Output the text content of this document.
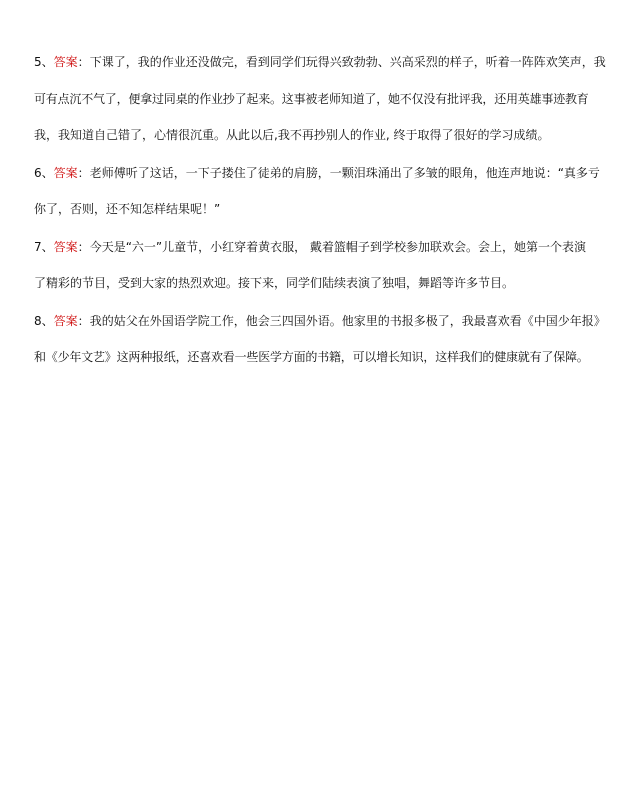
5、答案：下课了，我的作业还没做完，看到同学们玩得兴致勃勃、兴高采烈的样子，听着一阵阵欢笑声，我
可有点沉不气了，便拿过同桌的作业抄了起来。这事被老师知道了，她不仅没有批评我，还用英雄事迹教育
我，我知道自己错了，心情很沉重。从此以后,我不再抄别人的作业, 终于取得了很好的学习成绩。
6、答案：老师傅听了这话，一下子搂住了徒弟的肩膀，一颗泪珠涌出了多皱的眼角，他连声地说：“真多亏
你了，否则，还不知怎样结果呢！”
7、答案：今天是“六一”儿童节，小红穿着黄衣服， 戴着篮帽子到学校参加联欢会。会上，她第一个表演
了精彩的节目，受到大家的热烈欢迎。接下来，同学们陆续表演了独唱，舞蹈等许多节目。
8、答案：我的姑父在外国语学院工作，他会三四国外语。他家里的书报多极了，我最喜欢看《中国少年报》
和《少年文艺》这两种报纸，还喜欢看一些医学方面的书籍，可以增长知识，这样我们的健康就有了保障。
